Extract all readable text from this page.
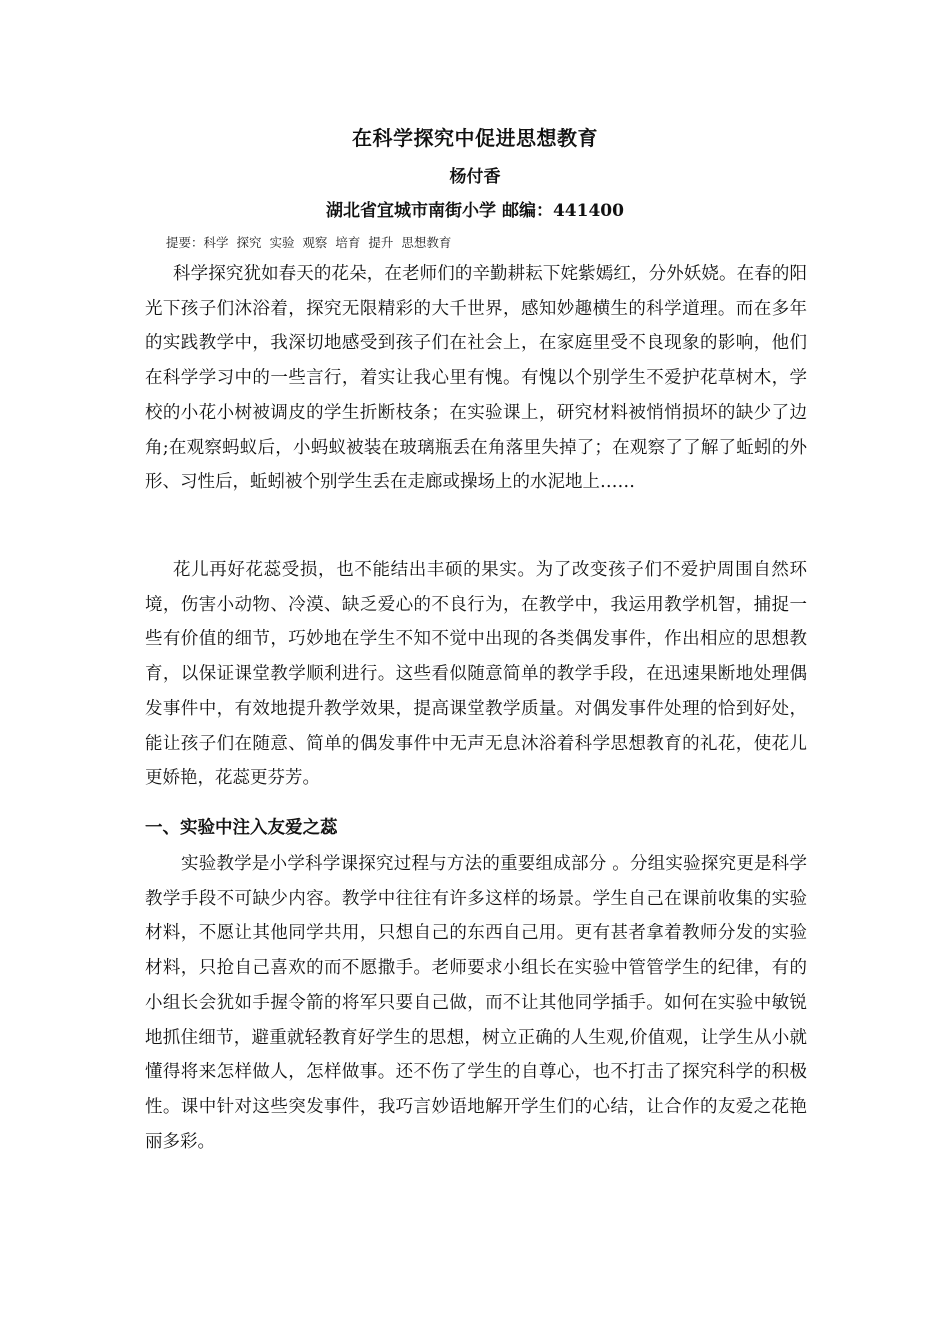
在科学探究中促进思想教育
杨付香
湖北省宜城市南街小学 邮编：441400
提要：科学 探究 实验 观察 培育 提升 思想教育

科学探究犹如春天的花朵，在老师们的辛勤耕耘下姹紫嫣红，分外妖娆。在春的阳光下孩子们沐浴着，探究无限精彩的大千世界，感知妙趣横生的科学道理。而在多年的实践教学中，我深切地感受到孩子们在社会上，在家庭里受不良现象的影响，他们在科学学习中的一些言行，着实让我心里有愧。有愧以个别学生不爱护花草树木，学校的小花小树被调皮的学生折断枝条；在实验课上，研究材料被悄悄损坏的缺少了边角;在观察蚂蚁后，小蚂蚁被装在玻璃瓶丢在角落里失掉了；在观察了了解了蚯蚓的外形、习性后，蚯蚓被个别学生丢在走廊或操场上的水泥地上……

花儿再好花蕊受损，也不能结出丰硕的果实。为了改变孩子们不爱护周围自然环境，伤害小动物、冷漠、缺乏爱心的不良行为，在教学中，我运用教学机智，捕捉一些有价值的细节，巧妙地在学生不知不觉中出现的各类偶发事件，作出相应的思想教育，以保证课堂教学顺利进行。这些看似随意简单的教学手段，在迅速果断地处理偶发事件中，有效地提升教学效果，提高课堂教学质量。对偶发事件处理的恰到好处，能让孩子们在随意、简单的偶发事件中无声无息沐浴着科学思想教育的礼花，使花儿更娇艳，花蕊更芬芳。

一、实验中注入友爱之蕊

实验教学是小学科学课探究过程与方法的重要组成部分 。分组实验探究更是科学教学手段不可缺少内容。教学中往往有许多这样的场景。学生自己在课前收集的实验材料，不愿让其他同学共用，只想自己的东西自己用。更有甚者拿着教师分发的实验材料，只抢自己喜欢的而不愿撒手。老师要求小组长在实验中管管学生的纪律，有的小组长会犹如手握令箭的将军只要自己做，而不让其他同学插手。如何在实验中敏锐地抓住细节，避重就轻教育好学生的思想，树立正确的人生观,价值观，让学生从小就懂得将来怎样做人，怎样做事。还不伤了学生的自尊心，也不打击了探究科学的积极性。课中针对这些突发事件，我巧言妙语地解开学生们的心结，让合作的友爱之花艳丽多彩。
